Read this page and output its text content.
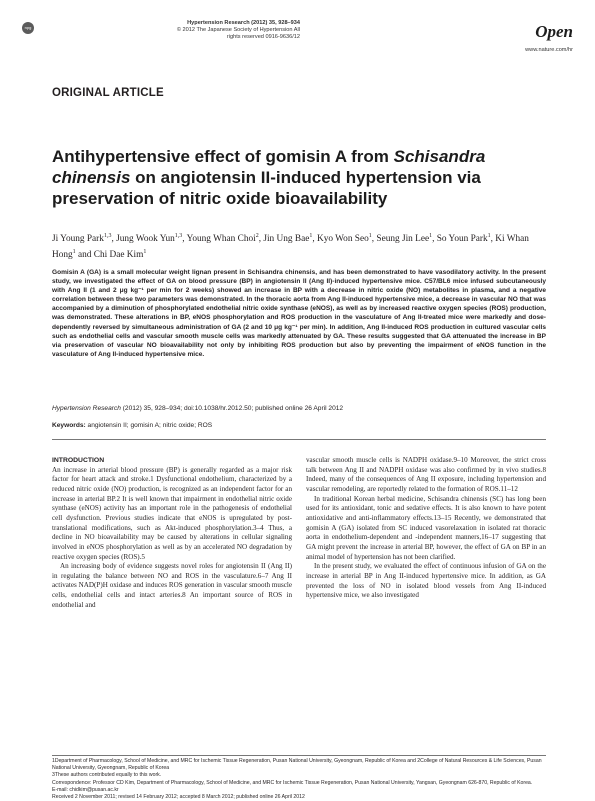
npg
Hypertension Research (2012) 35, 928–934
© 2012 The Japanese Society of Hypertension All rights reserved 0916-9636/12	Open
www.nature.com/hr
ORIGINAL ARTICLE
Antihypertensive effect of gomisin A from Schisandra chinensis on angiotensin II-induced hypertension via preservation of nitric oxide bioavailability
Ji Young Park$^{1,3}$, Jung Wook Yun$^{1,3}$, Young Whan Choi$^2$, Jin Ung Bae$^1$, Kyo Won Seo$^1$, Seung Jin Lee$^1$, So Youn Park$^1$, Ki Whan Hong$^1$ and Chi Dae Kim$^1$
Gomisin A (GA) is a small molecular weight lignan present in Schisandra chinensis, and has been demonstrated to have vasodilatory activity. In the present study, we investigated the effect of GA on blood pressure (BP) in angiotensin II (Ang II)-induced hypertensive mice. C57/BL6 mice infused subcutaneously with Ang II (1 and 2 μg kg⁻¹ per min for 2 weeks) showed an increase in BP with a decrease in nitric oxide (NO) metabolites in plasma, and a negative correlation between these two parameters was demonstrated. In the thoracic aorta from Ang II-induced hypertensive mice, a decrease in vascular NO that was accompanied by a diminution of phosphorylated endothelial nitric oxide synthase (eNOS), as well as by increased reactive oxygen species (ROS) production, was demonstrated. These alterations in BP, eNOS phosphorylation and ROS production in the vasculature of Ang II-treated mice were markedly and dose-dependently reversed by simultaneous administration of GA (2 and 10 μg kg⁻¹ per min). In addition, Ang II-induced ROS production in cultured vascular cells such as endothelial cells and vascular smooth muscle cells was markedly attenuated by GA. These results suggested that GA attenuated the increase in BP via preservation of vascular NO bioavailability not only by inhibiting ROS production but also by preventing the impairment of eNOS function in the vasculature of Ang II-induced hypertensive mice.
Hypertension Research (2012) 35, 928–934; doi:10.1038/hr.2012.50; published online 26 April 2012
Keywords: angiotensin II; gomisin A; nitric oxide; ROS
INTRODUCTION

An increase in arterial blood pressure (BP) is generally regarded as a major risk factor for heart attack and stroke.1 Dysfunctional endothelium, characterized by a reduced nitric oxide (NO) production, is recognized as an independent factor for an increase in arterial BP.2 It is well known that impairment in endothelial nitric oxide synthase (eNOS) activity has an important role in the pathogenesis of endothelial cell dysfunction. Previous studies indicate that eNOS is upregulated by post-translational modifications, such as Akt-induced phosphorylation.3–4 Thus, a decline in NO bioavailability may be caused by alterations in cellular signaling involved in eNOS phosphorylation as well as by an accelerated NO degradation by reactive oxygen species (ROS).5

An increasing body of evidence suggests novel roles for angiotensin II (Ang II) in regulating the balance between NO and ROS in the vasculature.6–7 Ang II activates NAD(P)H oxidase and induces ROS generation in vascular smooth muscle cells, endothelial cells and intact arteries.8 An important source of ROS in endothelial and

vascular smooth muscle cells is NADPH oxidase.9–10 Moreover, the strict cross talk between Ang II and NADPH oxidase was also confirmed by in vivo studies.8 Indeed, many of the consequences of Ang II exposure, including hypertension and vascular remodeling, are reportedly related to the formation of ROS.11–12

In traditional Korean herbal medicine, Schisandra chinensis (SC) has long been used for its antioxidant, tonic and sedative effects. It is also known to have potent antioxidative and anti-inflammatory effects.13–15 Recently, we demonstrated that gomisin A (GA) isolated from SC induced vasorelaxation in isolated rat thoracic aorta in endothelium-dependent and -independent manners,16–17 suggesting that GA might prevent the increase in arterial BP, however, the effect of GA on BP in an animal model of hypertension has not been clarified.

In the present study, we evaluated the effect of continuous infusion of GA on the increase in arterial BP in Ang II-induced hypertensive mice. In addition, as GA prevented the loss of NO in isolated blood vessels from Ang II-induced hypertensive mice, we also investigated

1Department of Pharmacology, School of Medicine, and MRC for Ischemic Tissue Regeneration, Pusan National University, Gyeongnam, Republic of Korea and 2College of Natural Resources & Life Sciences, Pusan National University, Gyeongnam, Republic of Korea

3These authors contributed equally to this work.

Correspondence: Professor CD Kim, Department of Pharmacology, School of Medicine, and MRC for Ischemic Tissue Regeneration, Pusan National University, Yangsan, Gyeongnam 626-870, Republic of Korea.

E-mail: chidkim@pusan.ac.kr

Received 2 November 2011; revised 14 February 2012; accepted 8 March 2012; published online 26 April 2012
